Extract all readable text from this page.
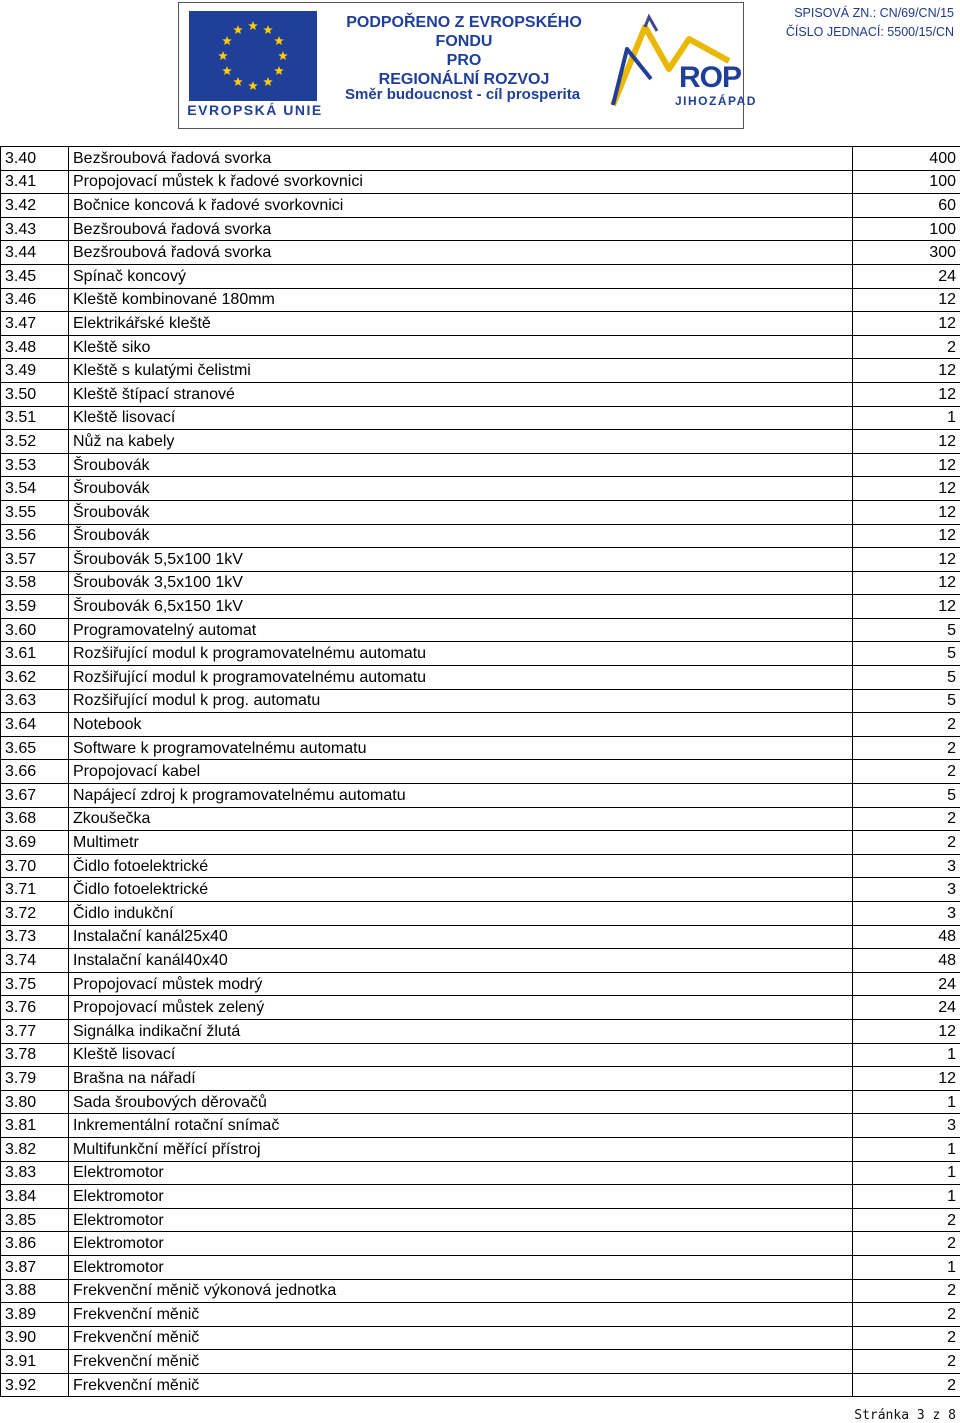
EVROPSKÁ UNIE
PODPOŘENO Z EVROPSKÉHO FONDU
PRO
REGIONÁLNÍ ROZVOJ
Směr budoucnost - cíl prosperita
ROP
JIHOZÁPAD
SPISOVÁ ZN.: CN/69/CN/15
ČÍSLO JEDNACÍ: 5500/15/CN
3.40	Bezšroubová řadová svorka	400
3.41	Propojovací můstek k řadové svorkovnici	100
3.42	Bočnice koncová k řadové svorkovnici	60
3.43	Bezšroubová řadová svorka	100
3.44	Bezšroubová řadová svorka	300
3.45	Spínač koncový	24
3.46	Kleště kombinované 180mm	12
3.47	Elektrikářské kleště	12
3.48	Kleště siko	2
3.49	Kleště s kulatými čelistmi	12
3.50	Kleště štípací stranové	12
3.51	Kleště lisovací	1
3.52	Nůž na kabely	12
3.53	Šroubovák	12
3.54	Šroubovák	12
3.55	Šroubovák	12
3.56	Šroubovák	12
3.57	Šroubovák 5,5x100 1kV	12
3.58	Šroubovák 3,5x100 1kV	12
3.59	Šroubovák 6,5x150 1kV	12
3.60	Programovatelný automat	5
3.61	Rozšiřující modul k programovatelnému automatu	5
3.62	Rozšiřující modul k programovatelnému automatu	5
3.63	Rozšiřující modul k prog. automatu	5
3.64	Notebook	2
3.65	Software k programovatelnému automatu	2
3.66	Propojovací kabel	2
3.67	Napájecí zdroj k programovatelnému automatu	5
3.68	Zkoušečka	2
3.69	Multimetr	2
3.70	Čidlo fotoelektrické	3
3.71	Čidlo fotoelektrické	3
3.72	Čidlo indukční	3
3.73	Instalační kanál25x40	48
3.74	Instalační kanál40x40	48
3.75	Propojovací můstek modrý	24
3.76	Propojovací můstek zelený	24
3.77	Signálka indikační žlutá	12
3.78	Kleště lisovací	1
3.79	Brašna na nářadí	12
3.80	Sada šroubových děrovačů	1
3.81	Inkrementální rotační snímač	3
3.82	Multifunkční měřící přístroj	1
3.83	Elektromotor	1
3.84	Elektromotor	1
3.85	Elektromotor	2
3.86	Elektromotor	2
3.87	Elektromotor	1
3.88	Frekvenční měnič výkonová jednotka	2
3.89	Frekvenční měnič	2
3.90	Frekvenční měnič	2
3.91	Frekvenční měnič	2
3.92	Frekvenční měnič	2
Stránka 3 z 8
